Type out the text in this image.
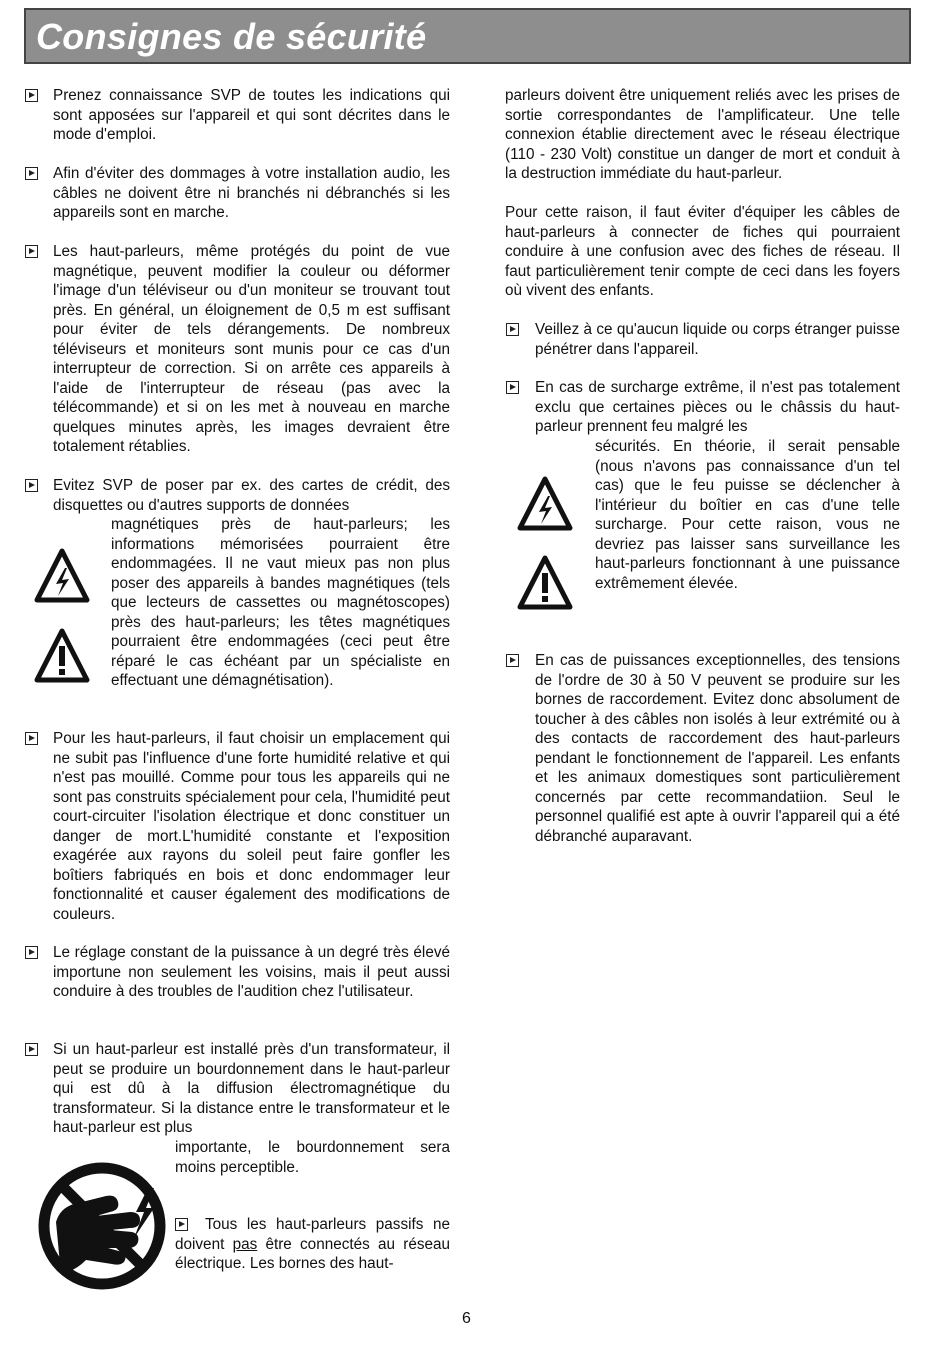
Consignes de sécurité

Prenez connaissance SVP de toutes les indications qui sont apposées sur l'appareil et qui sont décrites dans le mode d'emploi.

Afin d'éviter des dommages à votre installation audio, les câbles ne doivent être ni branchés ni débranchés si les appareils sont en marche.

Les haut-parleurs, même protégés du point de vue magnétique, peuvent modifier la couleur ou déformer l'image d'un téléviseur ou d'un moniteur se trouvant tout près. En général, un éloignement de 0,5 m est suffisant pour éviter de tels dérangements. De nombreux téléviseurs et moniteurs sont munis pour ce cas d'un interrupteur de correction. Si on arrête ces appareils à l'aide de l'interrupteur de réseau (pas avec la télécommande) et si on les met à nouveau en marche quelques minutes après, les images devraient être totalement rétablies.

Evitez SVP de poser par ex. des cartes de crédit, des disquettes ou d'autres supports de données

magnétiques près de haut-parleurs; les informations mémorisées pourraient être endommagées. Il ne vaut mieux pas non plus poser des appareils à bandes magnétiques (tels que lecteurs de cassettes ou magnétoscopes) près des haut-parleurs; les têtes magnétiques pourraient être endommagées (ceci peut être réparé le cas échéant par un spécialiste en effectuant une démagnétisation).

Pour les haut-parleurs, il faut choisir un emplacement qui ne subit pas l'influence d'une forte humidité relative et qui n'est pas mouillé. Comme pour tous les appareils qui ne sont pas construits spécialement pour cela, l'humidité peut court-circuiter l'isolation électrique et donc constituer un danger de mort.L'humidité constante et l'exposition exagérée aux rayons du soleil peut faire gonfler les boîtiers fabriqués en bois et donc endommager leur fonctionnalité et causer également des modifications de couleurs.

Le réglage constant de la puissance à un degré très élevé importune non seulement les voisins, mais il peut aussi conduire à des troubles de l'audition chez l'utilisateur.

Si un haut-parleur est installé près d'un transformateur, il peut se produire un bourdonnement dans le haut-parleur qui est dû à la diffusion électromagnétique du transformateur. Si la distance entre le transformateur et le haut-parleur est plus

importante, le bourdonnement sera moins perceptible.

Tous les haut-parleurs passifs ne doivent pas être connectés au réseau électrique. Les bornes des haut-

parleurs doivent être uniquement reliés avec les prises de sortie correspondantes de l'amplificateur. Une telle connexion établie directement avec le réseau électrique (110 - 230 Volt) constitue un danger de mort et conduit à la destruction immédiate du haut-parleur.

Pour cette raison, il faut éviter d'équiper les câbles de haut-parleurs à connecter de fiches qui pourraient conduire à une confusion avec des fiches de réseau. Il faut particulièrement tenir compte de ceci dans les foyers où vivent des enfants.

Veillez à ce qu'aucun liquide ou corps étranger puisse pénétrer dans l'appareil.

En cas de surcharge extrême, il n'est pas totalement exclu que certaines pièces ou le châssis du haut-parleur prennent feu malgré les

sécurités. En théorie, il serait pensable (nous n'avons pas connaissance d'un tel cas) que le feu puisse se déclencher à l'intérieur du boîtier en cas d'une telle surcharge. Pour cette raison, vous ne devriez pas laisser sans surveillance les haut-parleurs fonctionnant à une puissance extrêmement élevée.

En cas de puissances exceptionnelles, des tensions de l'ordre de 30 à 50 V peuvent se produire sur les bornes de raccordement. Evitez donc absolument de toucher à des câbles non isolés à leur extrémité ou à des contacts de raccordement des haut-parleurs pendant le fonctionnement de l'appareil. Les enfants et les animaux domestiques sont particulièrement concernés par cette recommandatiion. Seul le personnel qualifié est apte à ouvrir l'appareil qui a été débranché auparavant.

6
